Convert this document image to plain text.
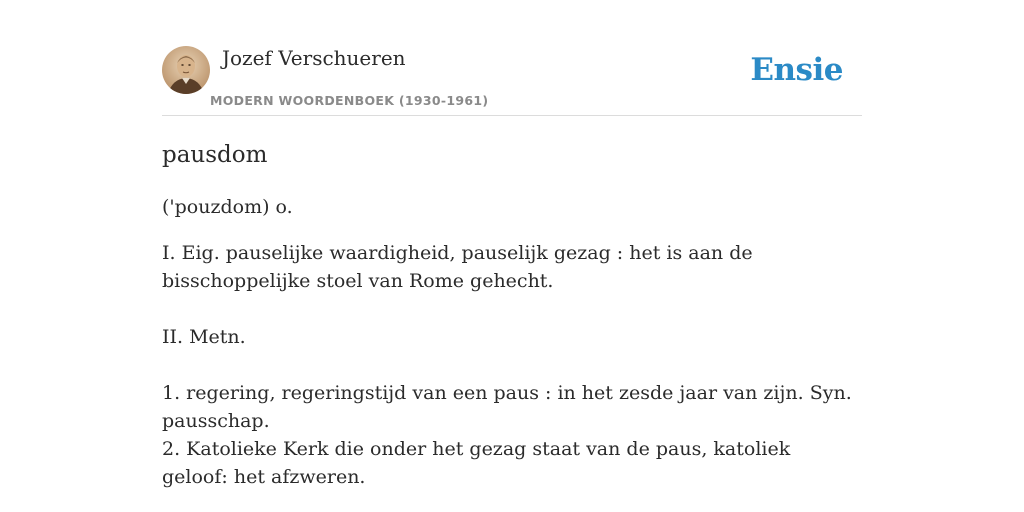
Jozef Verschueren
MODERN WOORDENBOEK (1930-1961)
Ensie
pausdom
('pouzdom) o.

I. Eig. pauselijke waardigheid, pauselijk gezag : het is aan de bisschoppelijke stoel van Rome gehecht.

II. Metn.

1. regering, regeringstijd van een paus : in het zesde jaar van zijn. Syn. pausschap.

2. Katolieke Kerk die onder het gezag staat van de paus, katoliek geloof: het afzweren.
